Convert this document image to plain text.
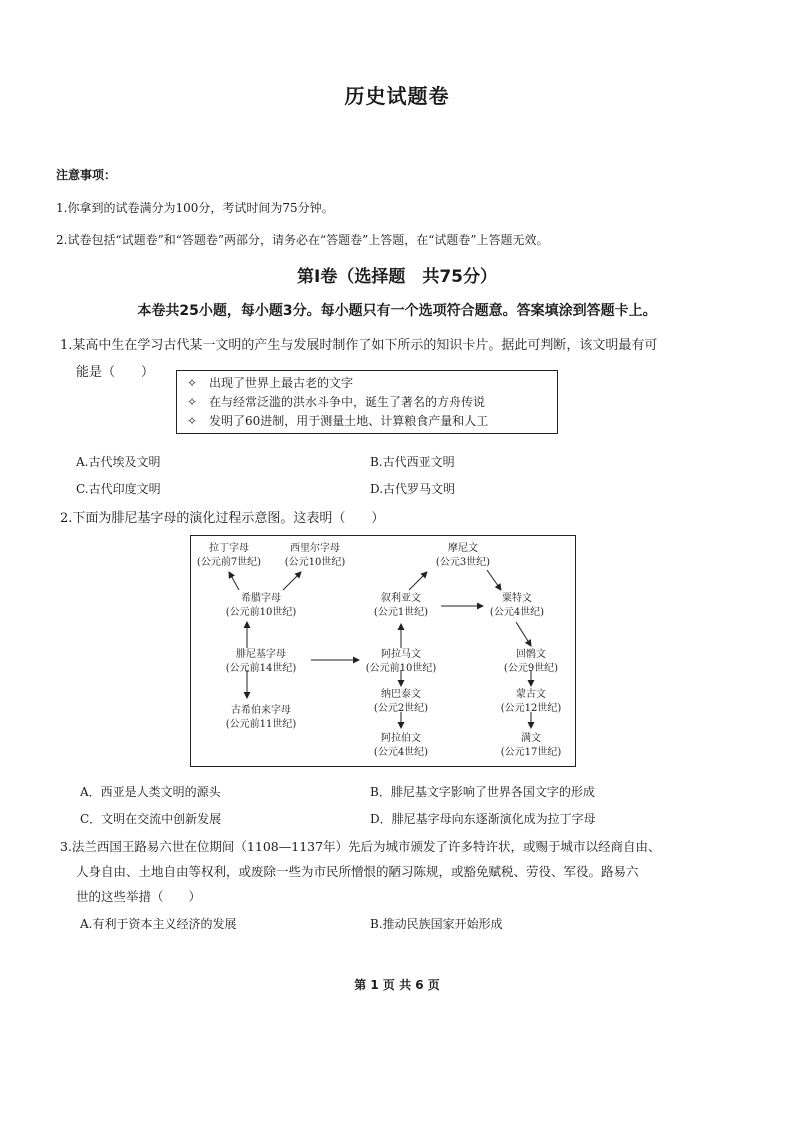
历史试题卷
注意事项：
1.你拿到的试卷满分为100分，考试时间为75分钟。
2.试卷包括“试题卷”和“答题卷”两部分，请务必在“答题卷”上答题，在“试题卷”上答题无效。
第Ⅰ卷（选择题　共75分）
本卷共25小题，每小题3分。每小题只有一个选项符合题意。答案填涂到答题卡上。
1.某高中生在学习古代某一文明的产生与发展时制作了如下所示的知识卡片。据此可判断，该文明最有可
能是（　　）
✧ 出现了世界上最古老的文字
✧ 在与经常泛滥的洪水斗争中，诞生了著名的方舟传说
✧ 发明了60进制，用于测量土地、计算粮食产量和人工
A.古代埃及文明	B.古代西亚文明
C.古代印度文明	D.古代罗马文明
2.下面为腓尼基字母的演化过程示意图。这表明（　　）
拉丁字母
(公元前7世纪)
西里尔字母
(公元10世纪)
希腊字母
(公元前10世纪)
腓尼基字母
(公元前14世纪)
古希伯来字母
(公元前11世纪)
摩尼文
(公元3世纪)
叙利亚文
(公元1世纪)
粟特文
(公元4世纪)
阿拉马文
(公元前10世纪)
回鹘文
(公元9世纪)
纳巴泰文
(公元2世纪)
蒙古文
(公元12世纪)
阿拉伯文
(公元4世纪)
满文
(公元17世纪)
A．西亚是人类文明的源头	B．腓尼基文字影响了世界各国文字的形成
C．文明在交流中创新发展	D．腓尼基字母向东逐渐演化成为拉丁字母
3.法兰西国王路易六世在位期间（1108—1137年）先后为城市颁发了许多特许状，或赐于城市以经商自由、
人身自由、土地自由等权利，或废除一些为市民所憎恨的陋习陈规，或豁免赋税、劳役、军役。路易六
世的这些举措（　　）
A.有利于资本主义经济的发展	B.推动民族国家开始形成
第 1 页 共 6 页
